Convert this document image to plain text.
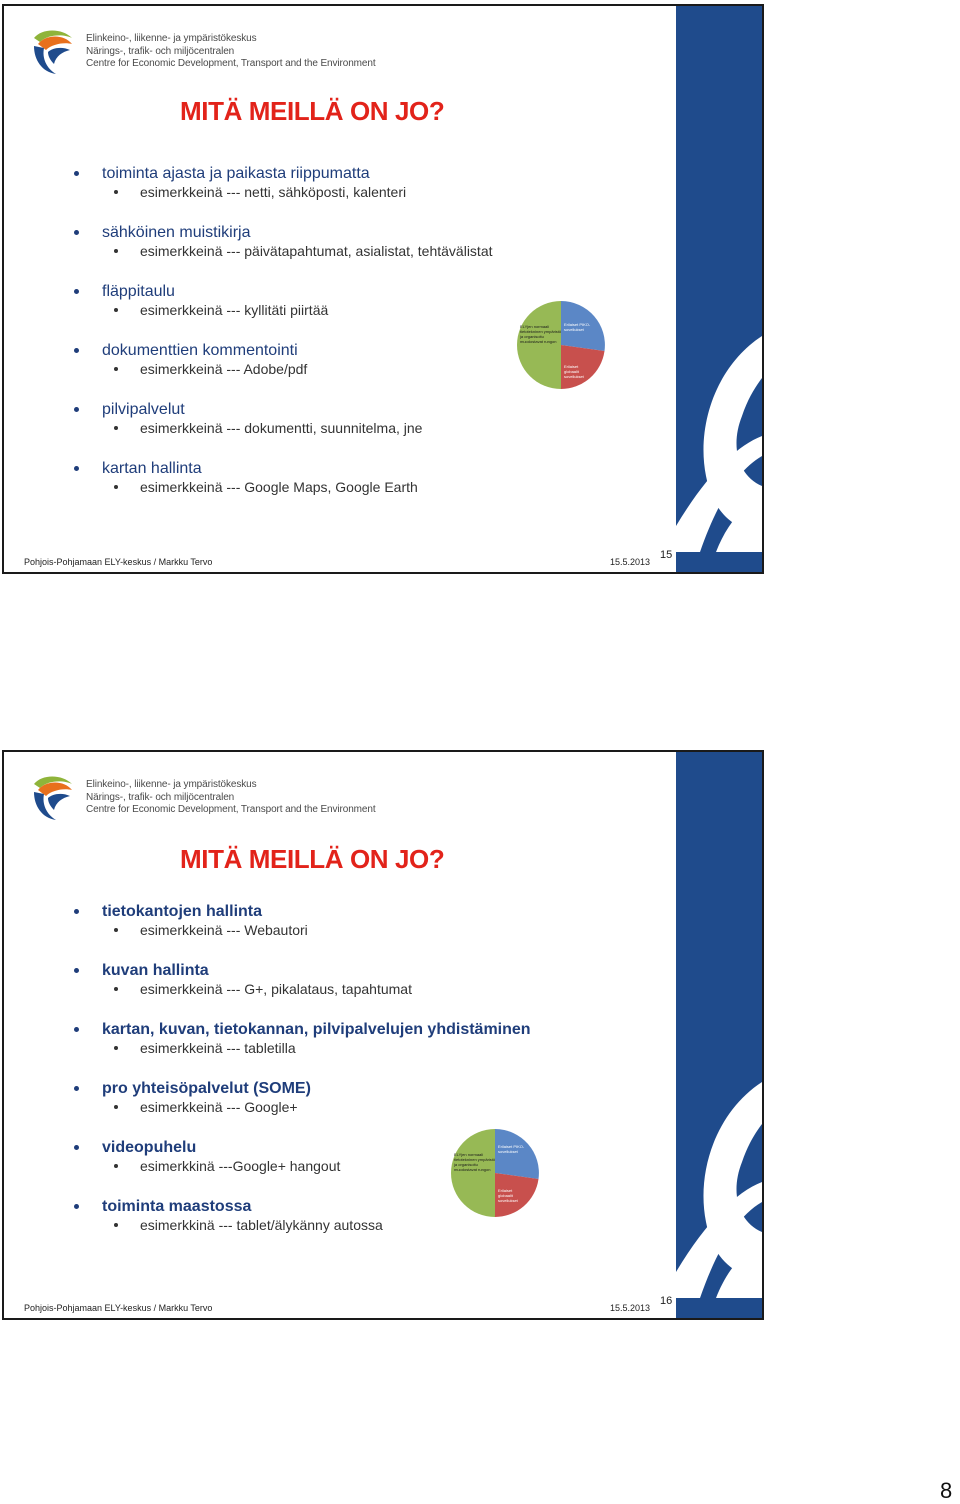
Elinkeino-, liikenne- ja ympäristökeskus
Närings-, trafik- och miljöcentralen
Centre for Economic Development, Transport and the Environment
MITÄ MEILLÄ ON JO?
toiminta ajasta ja paikasta riippumatta
esimerkkeinä --- netti, sähköposti, kalenteri
sähköinen muistikirja
esimerkkeinä --- päivätapahtumat, asialistat, tehtävälistat
fläppitaulu
esimerkkeinä --- kyllitäti piirtää
dokumenttien kommentointi
esimerkkeinä --- Adobe/pdf
pilvipalvelut
esimerkkeinä --- dokumentti, suunnitelma, jne
kartan hallinta
esimerkkeinä --- Google Maps, Google Earth
ELYjen normaali tietotekninen ympäristö ja organisoitu muodostavat rungon
Erilaiset PIKO-sovellukset
Erilaiset globaalit sovellukset
Pohjois-Pohjamaan ELY-keskus / Markku Tervo	15.5.2013
15
Elinkeino-, liikenne- ja ympäristökeskus
Närings-, trafik- och miljöcentralen
Centre for Economic Development, Transport and the Environment
MITÄ MEILLÄ ON JO?
tietokantojen hallinta
esimerkkeinä --- Webautori
kuvan hallinta
esimerkkeinä --- G+, pikalataus, tapahtumat
kartan, kuvan, tietokannan, pilvipalvelujen yhdistäminen
esimerkkeinä --- tabletilla
pro yhteisöpalvelut (SOME)
esimerkkeinä --- Google+
videopuhelu
esimerkkinä ---Google+ hangout
toiminta maastossa
esimerkkinä --- tablet/älykänny autossa
ELYjen normaali tietotekninen ympäristö ja organisoitu muodostavat rungon
Erilaiset PIKO-sovellukset
Erilaiset globaalit sovellukset
Pohjois-Pohjamaan ELY-keskus / Markku Tervo	15.5.2013
16
8
